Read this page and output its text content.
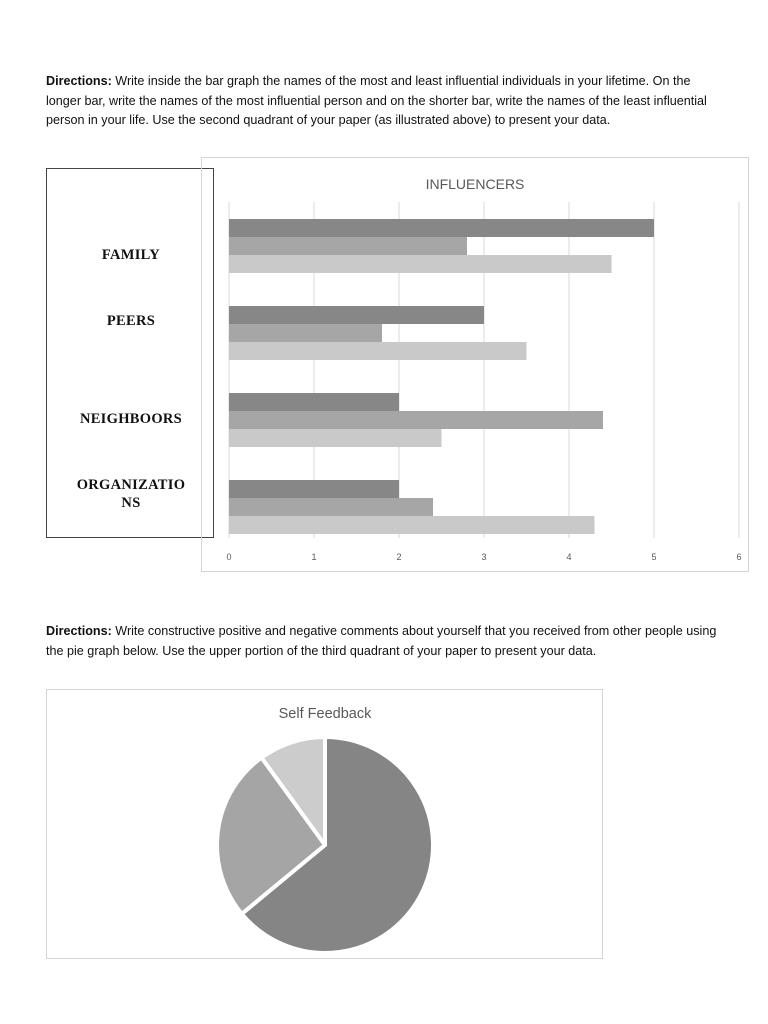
Directions: Write inside the bar graph the names of the most and least influential individuals in your lifetime. On the longer bar, write the names of the most influential person and on the shorter bar, write the names of the least influential person in your life. Use the second quadrant of your paper (as illustrated above) to present your data.
FAMILY
PEERS
NEIGHBOORS
ORGANIZATIO
NS
INFLUENCERS
0	1	2	3	4	5	6
Directions: Write constructive positive and negative comments about yourself that you received from other people using the pie graph below. Use the upper portion of the third quadrant of your paper to present your data.
Self Feedback
